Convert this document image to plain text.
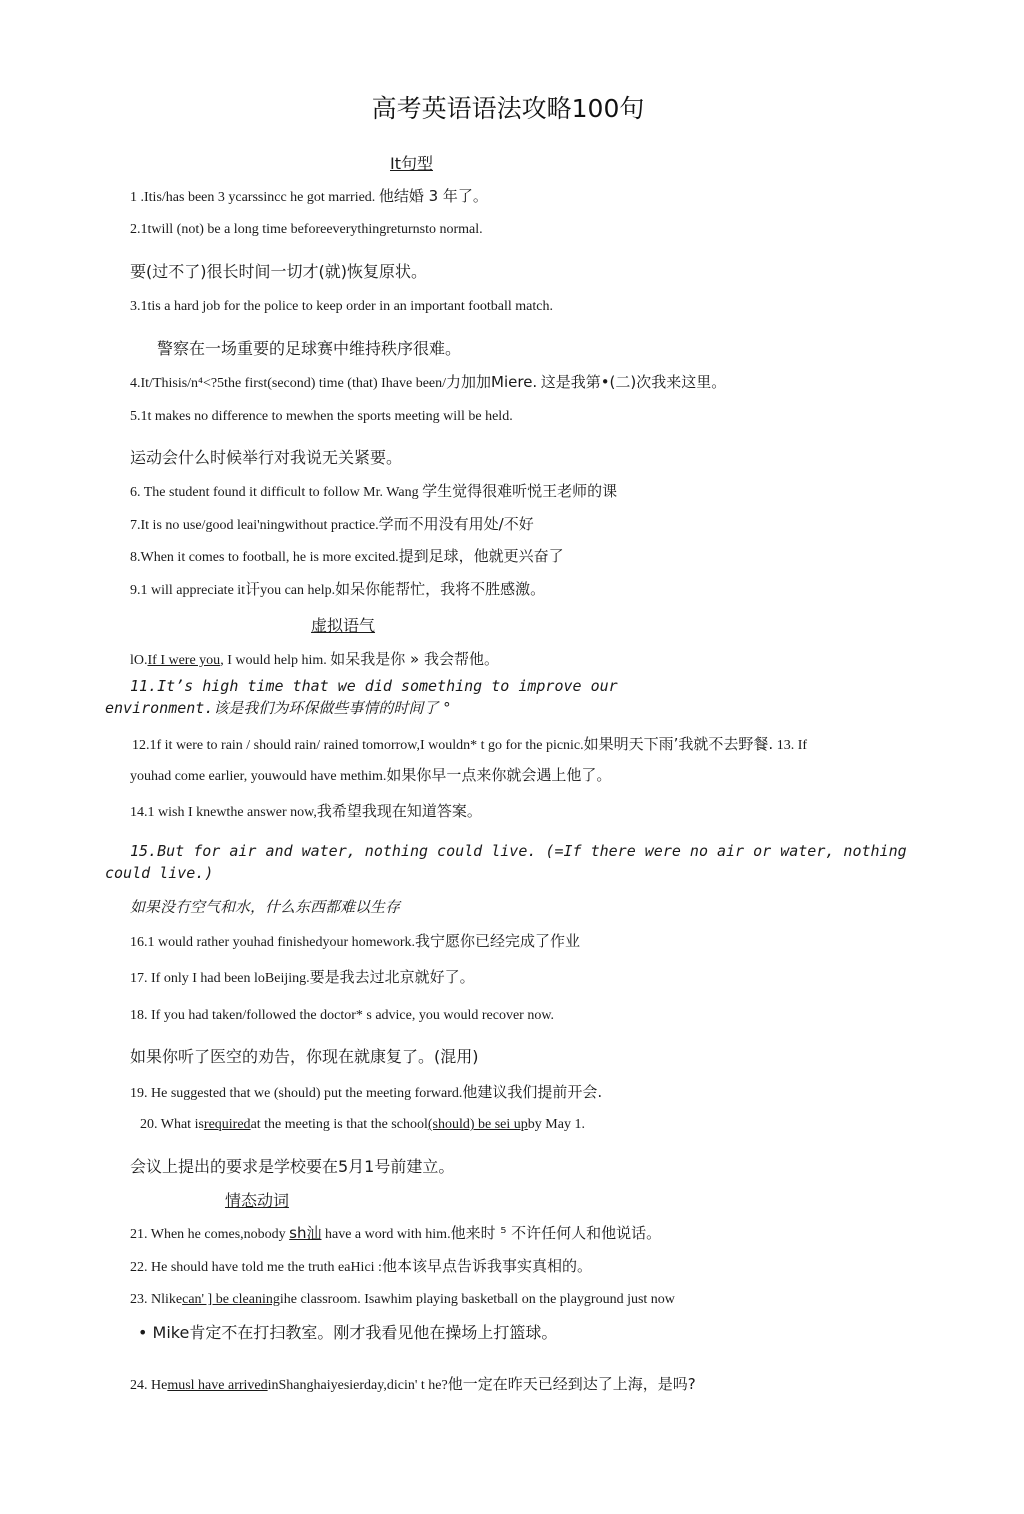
高考英语语法攻略100句
It句型
1 .Itis/has been 3 ycarssincc he got married. 他结婚 3 年了。
2.1twill (not) be a long time beforeeverythingreturnsto normal.
要(过不了)很长时间一切才(就)恢复原状。
3.1tis a hard job for the police to keep order in an important football match.
警察在一场重要的足球赛中维持秩序很难。
4.It/Thisis/n⁴<?5the first(second) time (that) Ihave been/力加加Miere. 这是我第•(二)次我来这里。
5.1t makes no difference to mewhen the sports meeting will be held.
运动会什么时候举行对我说无关紧要。
6. The student found it difficult to follow Mr. Wang 学生觉得很难听悦王老师的课
7.It is no use/good leai'ningwithout practice.学而不用没有用处/不好
8.When it comes to football, he is more excited.提到足球，他就更兴奋了
9.1 will appreciate it讦you can help.如呆你能帮忙，我将不胜感激。
虚拟语气
lO.If I were you, I would help him. 如呆我是你 » 我会帮他。
11.It’s high time that we did something to improve our
environment.该是我们为环保做些事情的时间了 °
12.1f it were to rain / should rain/ rained tomorrow,I wouldn* t go for the picnic.如果明天下雨’我就不去野餐. 13. If
youhad come earlier, youwould have methim.如果你早一点来你就会遇上他了。
14.1 wish I knewthe answer now,我希望我现在知道答案。
15.But for air and water, nothing could live. (=If there were no air or water, nothing
could live.)
如果没冇空气和水，什么东西都难以生存
16.1 would rather youhad finishedyour homework.我宁愿你已经完成了作业
17. If only I had been loBeijing.要是我去过北京就好了。
18. If you had taken/followed the doctor* s advice, you would recover now.
如果你听了医空的劝告，你现在就康复了。(混用)
19. He suggested that we (should) put the meeting forward.他建议我们提前开会.
20. What isrequiredat the meeting is that the school(should) be sei upby May 1.
会议上提出的要求是学校要在5月1号前建立。
情态动词
21. When he comes,nobody sh汕 have a word with him.他来时 ⁵ 不许任何人和他说话。
22. He should have told me the truth eaHici :他本该早点告诉我事实真相的。
23. Nlikecan' ] be cleaningihe classroom. Isawhim playing basketball on the playground just now
• Mike肯定不在打扫教室。刚才我看见他在操场上打篮球。
24. Hemusl have arrivedinShanghaiyesierday,dicin' t he?他一定在昨天已经到达了上海，是吗?
